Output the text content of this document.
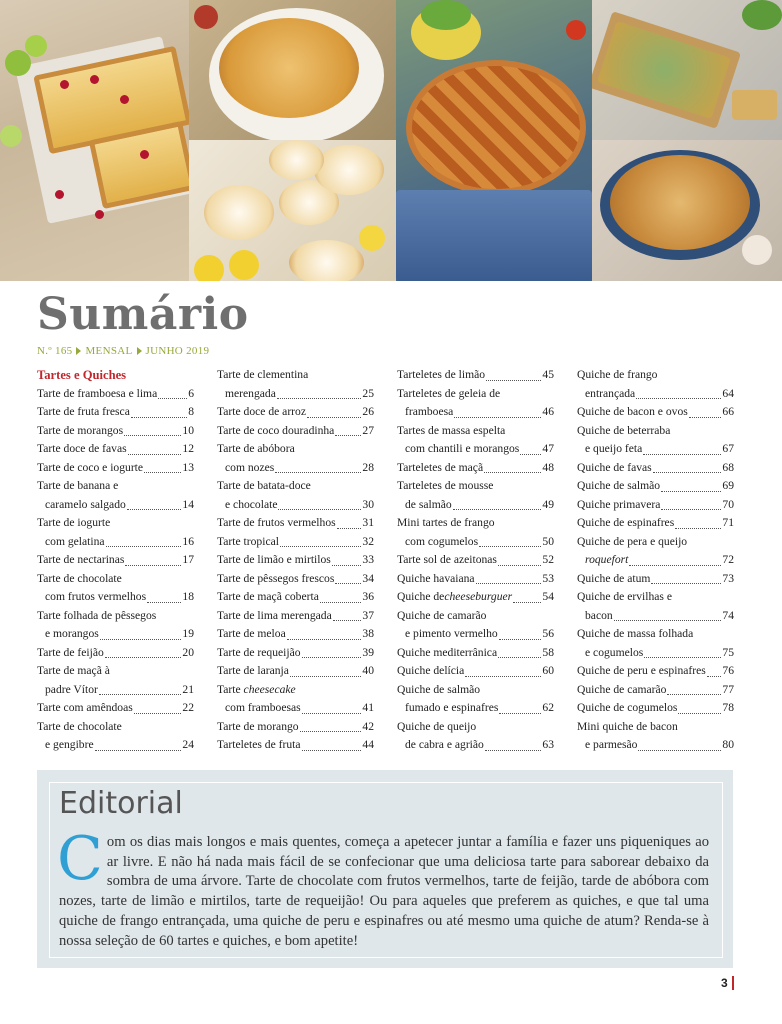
Sumário
N.º 165 MENSAL JUNHO 2019
Tartes e Quiches
Tarte de framboesa e lima	6
Tarte de fruta fresca	8
Tarte de morangos	10
Tarte doce de favas	12
Tarte de coco e iogurte	13
Tarte de banana e
caramelo salgado	14
Tarte de iogurte
com gelatina	16
Tarte de nectarinas	17
Tarte de chocolate
com frutos vermelhos	18
Tarte folhada de pêssegos
e morangos	19
Tarte de feijão	20
Tarte de maçã à
padre Vítor	21
Tarte com amêndoas	22
Tarte de chocolate
e gengibre	24
Tarte de clementina
merengada	25
Tarte doce de arroz	26
Tarte de coco douradinha 27
Tarte de abóbora
com nozes	28
Tarte de batata-doce
e chocolate	30
Tarte de frutos vermelhos 31
Tarte tropical	32
Tarte de limão e mirtilos	33
Tarte de pêssegos frescos 34
Tarte de maçã coberta	36
Tarte de lima merengada	37
Tarte de meloa	38
Tarte de requeijão	39
Tarte de laranja	40
Tarte cheesecake
com framboesas	41
Tarte de morango	42
Tarteletes de fruta	44
Tarteletes de limão	45
Tarteletes de geleia de
framboesa	46
Tartes de massa espelta
com chantili e morangos 47
Tarteletes de maçã	48
Tarteletes de mousse
de salmão	49
Mini tartes de frango
com cogumelos	50
Tarte sol de azeitonas	52
Quiche havaiana	53
Quiche de cheeseburguer	54
Quiche de camarão
e pimento vermelho	56
Quiche mediterrânica	58
Quiche delícia	60
Quiche de salmão
fumado e espinafres	62
Quiche de queijo
de cabra e agrião	63
Quiche de frango
entrançada	64
Quiche de bacon e ovos	66
Quiche de beterraba
e queijo feta	67
Quiche de favas	68
Quiche de salmão	69
Quiche primavera	70
Quiche de espinafres	71
Quiche de pera e queijo
roquefort	72
Quiche de atum	73
Quiche de ervilhas e
bacon	74
Quiche de massa folhada
e cogumelos	75
Quiche de peru e espinafres 76
Quiche de camarão	77
Quiche de cogumelos	78
Mini quiche de bacon
e parmesão	80
Editorial
Com os dias mais longos e mais quentes, começa a apetecer juntar a família e fazer uns piqueniques ao ar livre. E não há nada mais fácil de se confecionar que uma deliciosa tarte para saborear debaixo da sombra de uma árvore. Tarte de chocolate com frutos vermelhos, tarte de feijão, tarde de abóbora com nozes, tarte de limão e mirtilos, tarte de requeijão! Ou para aqueles que preferem as quiches, e que tal uma quiche de frango entrançada, uma quiche de peru e espinafres ou até mesmo uma quiche de atum? Renda-se à nossa seleção de 60 tartes e quiches, e bom apetite!
3
